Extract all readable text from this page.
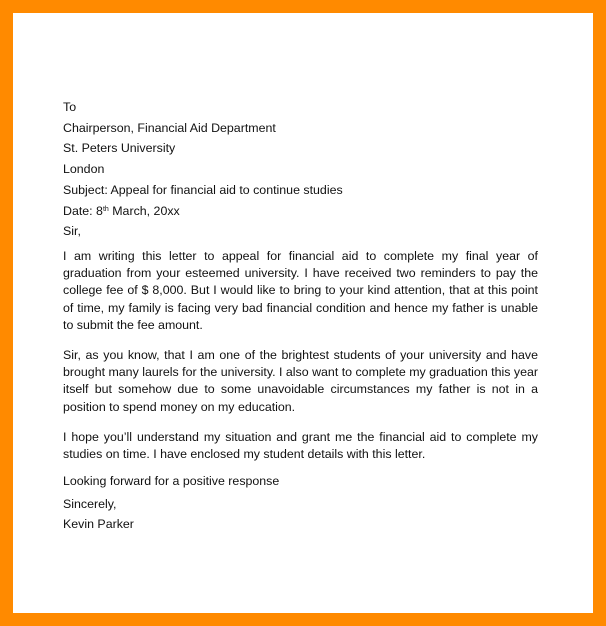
To
Chairperson, Financial Aid Department
St. Peters University
London
Subject: Appeal for financial aid to continue studies
Date: 8th March, 20xx
Sir,

I am writing this letter to appeal for financial aid to complete my final year of graduation from your esteemed university. I have received two reminders to pay the college fee of $ 8,000. But I would like to bring to your kind attention, that at this point of time, my family is facing very bad financial condition and hence my father is unable to submit the fee amount.

Sir, as you know, that I am one of the brightest students of your university and have brought many laurels for the university. I also want to complete my graduation this year itself but somehow due to some unavoidable circumstances my father is not in a position to spend money on my education.

I hope you’ll understand my situation and grant me the financial aid to complete my studies on time. I have enclosed my student details with this letter.

Looking forward for a positive response
Sincerely,
Kevin Parker
